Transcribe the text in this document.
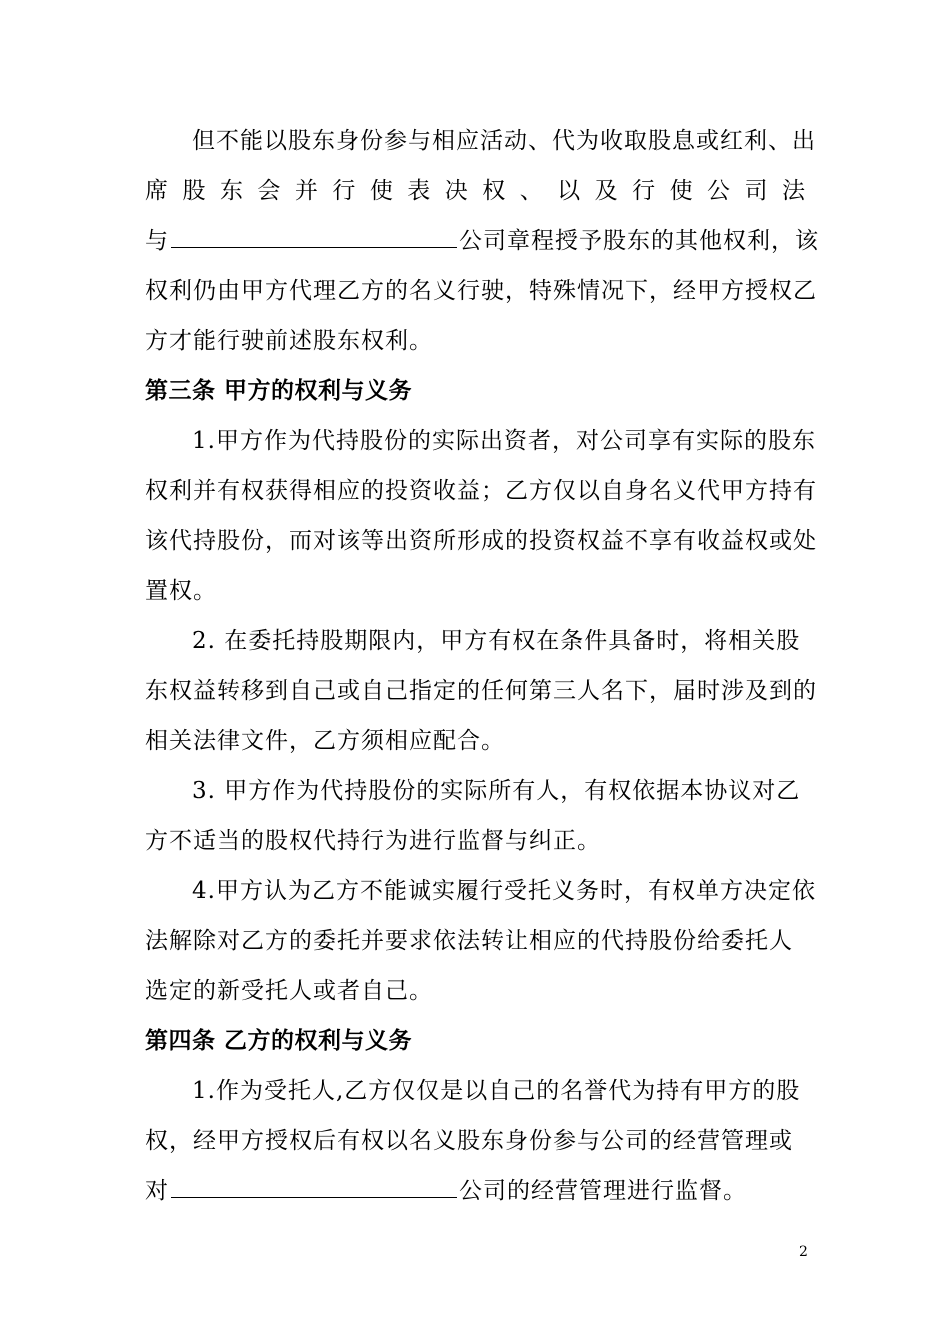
但不能以股东身份参与相应活动、代为收取股息或红利、出
席 股 东 会 并 行 使 表 决 权 、 以 及 行 使 公 司 法
与	公司章程授予股东的其他权利，该
权利仍由甲方代理乙方的名义行驶，特殊情况下，经甲方授权乙
方才能行驶前述股东权利。
第三条 甲方的权利与义务
1.甲方作为代持股份的实际出资者，对公司享有实际的股东
权利并有权获得相应的投资收益；乙方仅以自身名义代甲方持有
该代持股份，而对该等出资所形成的投资权益不享有收益权或处
置权。
2. 在委托持股期限内，甲方有权在条件具备时，将相关股
东权益转移到自己或自己指定的任何第三人名下，届时涉及到的
相关法律文件，乙方须相应配合。
3. 甲方作为代持股份的实际所有人，有权依据本协议对乙
方不适当的股权代持行为进行监督与纠正。
4.甲方认为乙方不能诚实履行受托义务时，有权单方决定依
法解除对乙方的委托并要求依法转让相应的代持股份给委托人
选定的新受托人或者自己。
第四条 乙方的权利与义务
1.作为受托人,乙方仅仅是以自己的名誉代为持有甲方的股
权，经甲方授权后有权以名义股东身份参与公司的经营管理或
对	公司的经营管理进行监督。
2
